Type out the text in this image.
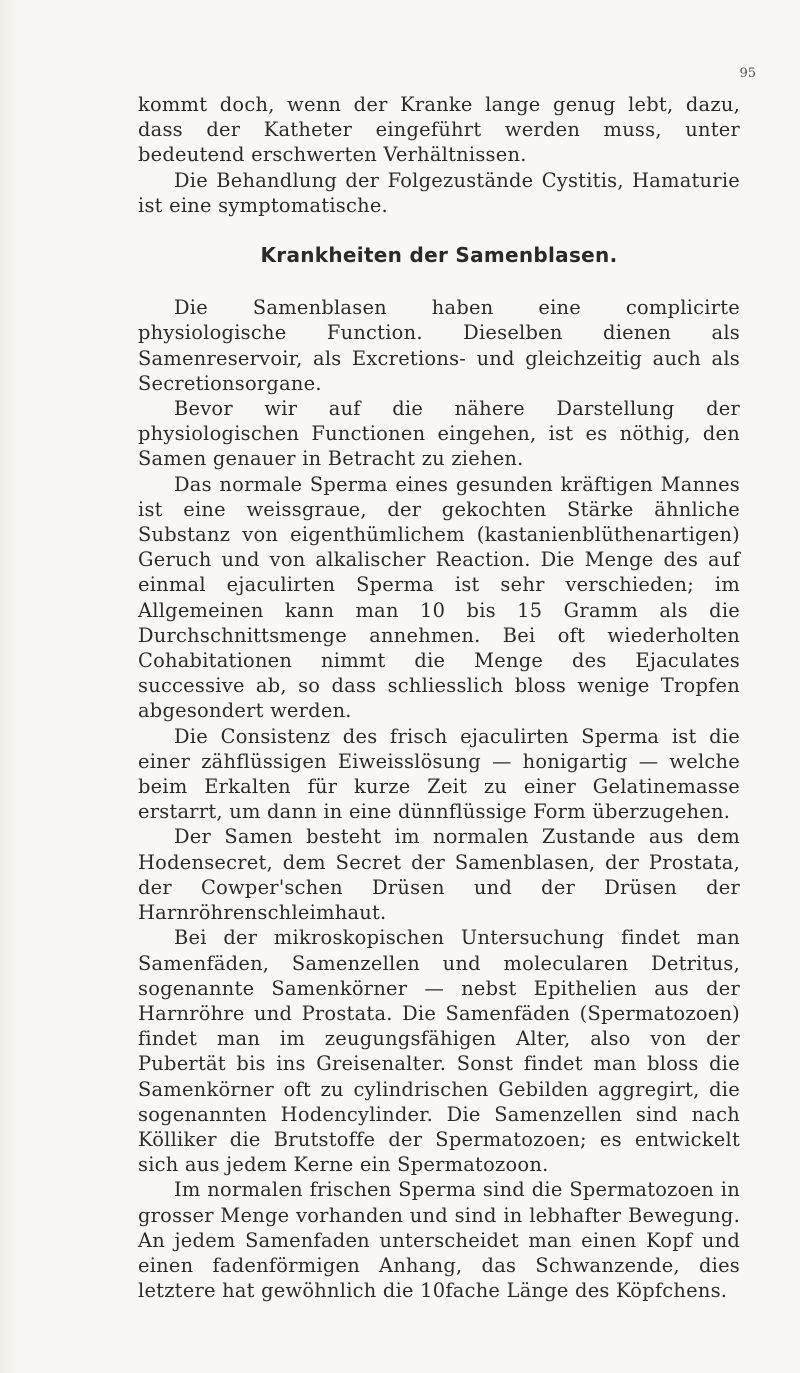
95

kommt doch, wenn der Kranke lange genug lebt, dazu, dass der Katheter eingeführt werden muss, unter bedeutend erschwerten Verhältnissen.

Die Behandlung der Folgezustände Cystitis, Hamaturie ist eine symptomatische.

Krankheiten der Samenblasen.

Die Samenblasen haben eine complicirte physiologische Function. Dieselben dienen als Samenreservoir, als Excretions- und gleichzeitig auch als Secretionsorgane.

Bevor wir auf die nähere Darstellung der physiologischen Functionen eingehen, ist es nöthig, den Samen genauer in Betracht zu ziehen.

Das normale Sperma eines gesunden kräftigen Mannes ist eine weissgraue, der gekochten Stärke ähnliche Substanz von eigenthümlichem (kastanienblüthenartigen) Geruch und von alkalischer Reaction. Die Menge des auf einmal ejaculirten Sperma ist sehr verschieden; im Allgemeinen kann man 10 bis 15 Gramm als die Durchschnittsmenge annehmen. Bei oft wiederholten Cohabitationen nimmt die Menge des Ejaculates successive ab, so dass schliesslich bloss wenige Tropfen abgesondert werden.

Die Consistenz des frisch ejaculirten Sperma ist die einer zähflüssigen Eiweisslösung — honigartig — welche beim Erkalten für kurze Zeit zu einer Gelatinemasse erstarrt, um dann in eine dünnflüssige Form überzugehen.

Der Samen besteht im normalen Zustande aus dem Hodensecret, dem Secret der Samenblasen, der Prostata, der Cowper'schen Drüsen und der Drüsen der Harnröhrenschleimhaut.

Bei der mikroskopischen Untersuchung findet man Samenfäden, Samenzellen und molecularen Detritus, sogenannte Samenkörner — nebst Epithelien aus der Harnröhre und Prostata. Die Samenfäden (Spermatozoen) findet man im zeugungsfähigen Alter, also von der Pubertät bis ins Greisenalter. Sonst findet man bloss die Samenkörner oft zu cylindrischen Gebilden aggregirt, die sogenannten Hodencylinder. Die Samenzellen sind nach Kölliker die Brutstoffe der Spermatozoen; es entwickelt sich aus jedem Kerne ein Spermatozoon.

Im normalen frischen Sperma sind die Spermatozoen in grosser Menge vorhanden und sind in lebhafter Bewegung. An jedem Samenfaden unterscheidet man einen Kopf und einen fadenförmigen Anhang, das Schwanzende, dies letztere hat gewöhnlich die 10fache Länge des Köpfchens.
